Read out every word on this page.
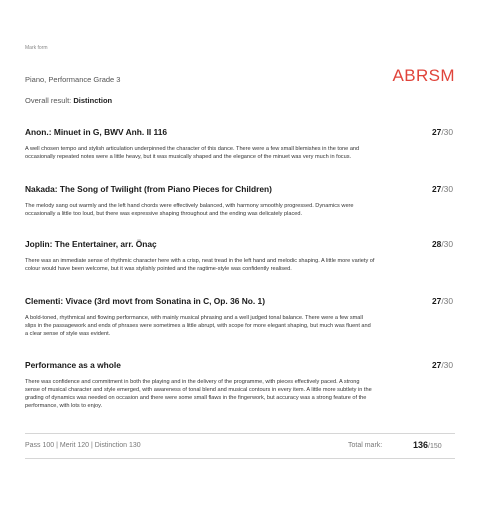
Mark form
Piano, Performance Grade 3
Overall result: Distinction
ABRSM
Anon.: Minuet in G, BWV Anh. II 116	27/30
A well chosen tempo and stylish articulation underpinned the character of this dance. There were a few small blemishes in the tone and occasionally repeated notes were a little heavy, but it was musically shaped and the elegance of the minuet was very much in focus.
Nakada: The Song of Twilight (from Piano Pieces for Children)	27/30
The melody sang out warmly and the left hand chords were effectively balanced, with harmony smoothly progressed. Dynamics were occasionally a little too loud, but there was expressive shaping throughout and the ending was delicately placed.
Joplin: The Entertainer, arr. Önaç	28/30
There was an immediate sense of rhythmic character here with a crisp, neat tread in the left hand and melodic shaping. A little more variety of colour would have been welcome, but it was stylishly pointed and the ragtime-style was confidently realised.
Clementi: Vivace (3rd movt from Sonatina in C, Op. 36 No. 1)	27/30
A bold-toned, rhythmical and flowing performance, with mainly musical phrasing and a well judged tonal balance. There were a few small slips in the passagework and ends of phrases were sometimes a little abrupt, with scope for more elegant shaping, but much was fluent and a clear sense of style was evident.
Performance as a whole	27/30
There was confidence and commitment in both the playing and in the delivery of the programme, with pieces effectively paced. A strong sense of musical character and style emerged, with awareness of tonal blend and musical contours in every item. A little more subtlety in the grading of dynamics was needed on occasion and there were some small flaws in the fingerwork, but accuracy was a strong feature of the performance, with lots to enjoy.
Pass 100 | Merit 120 | Distinction 130	Total mark:	136/150
